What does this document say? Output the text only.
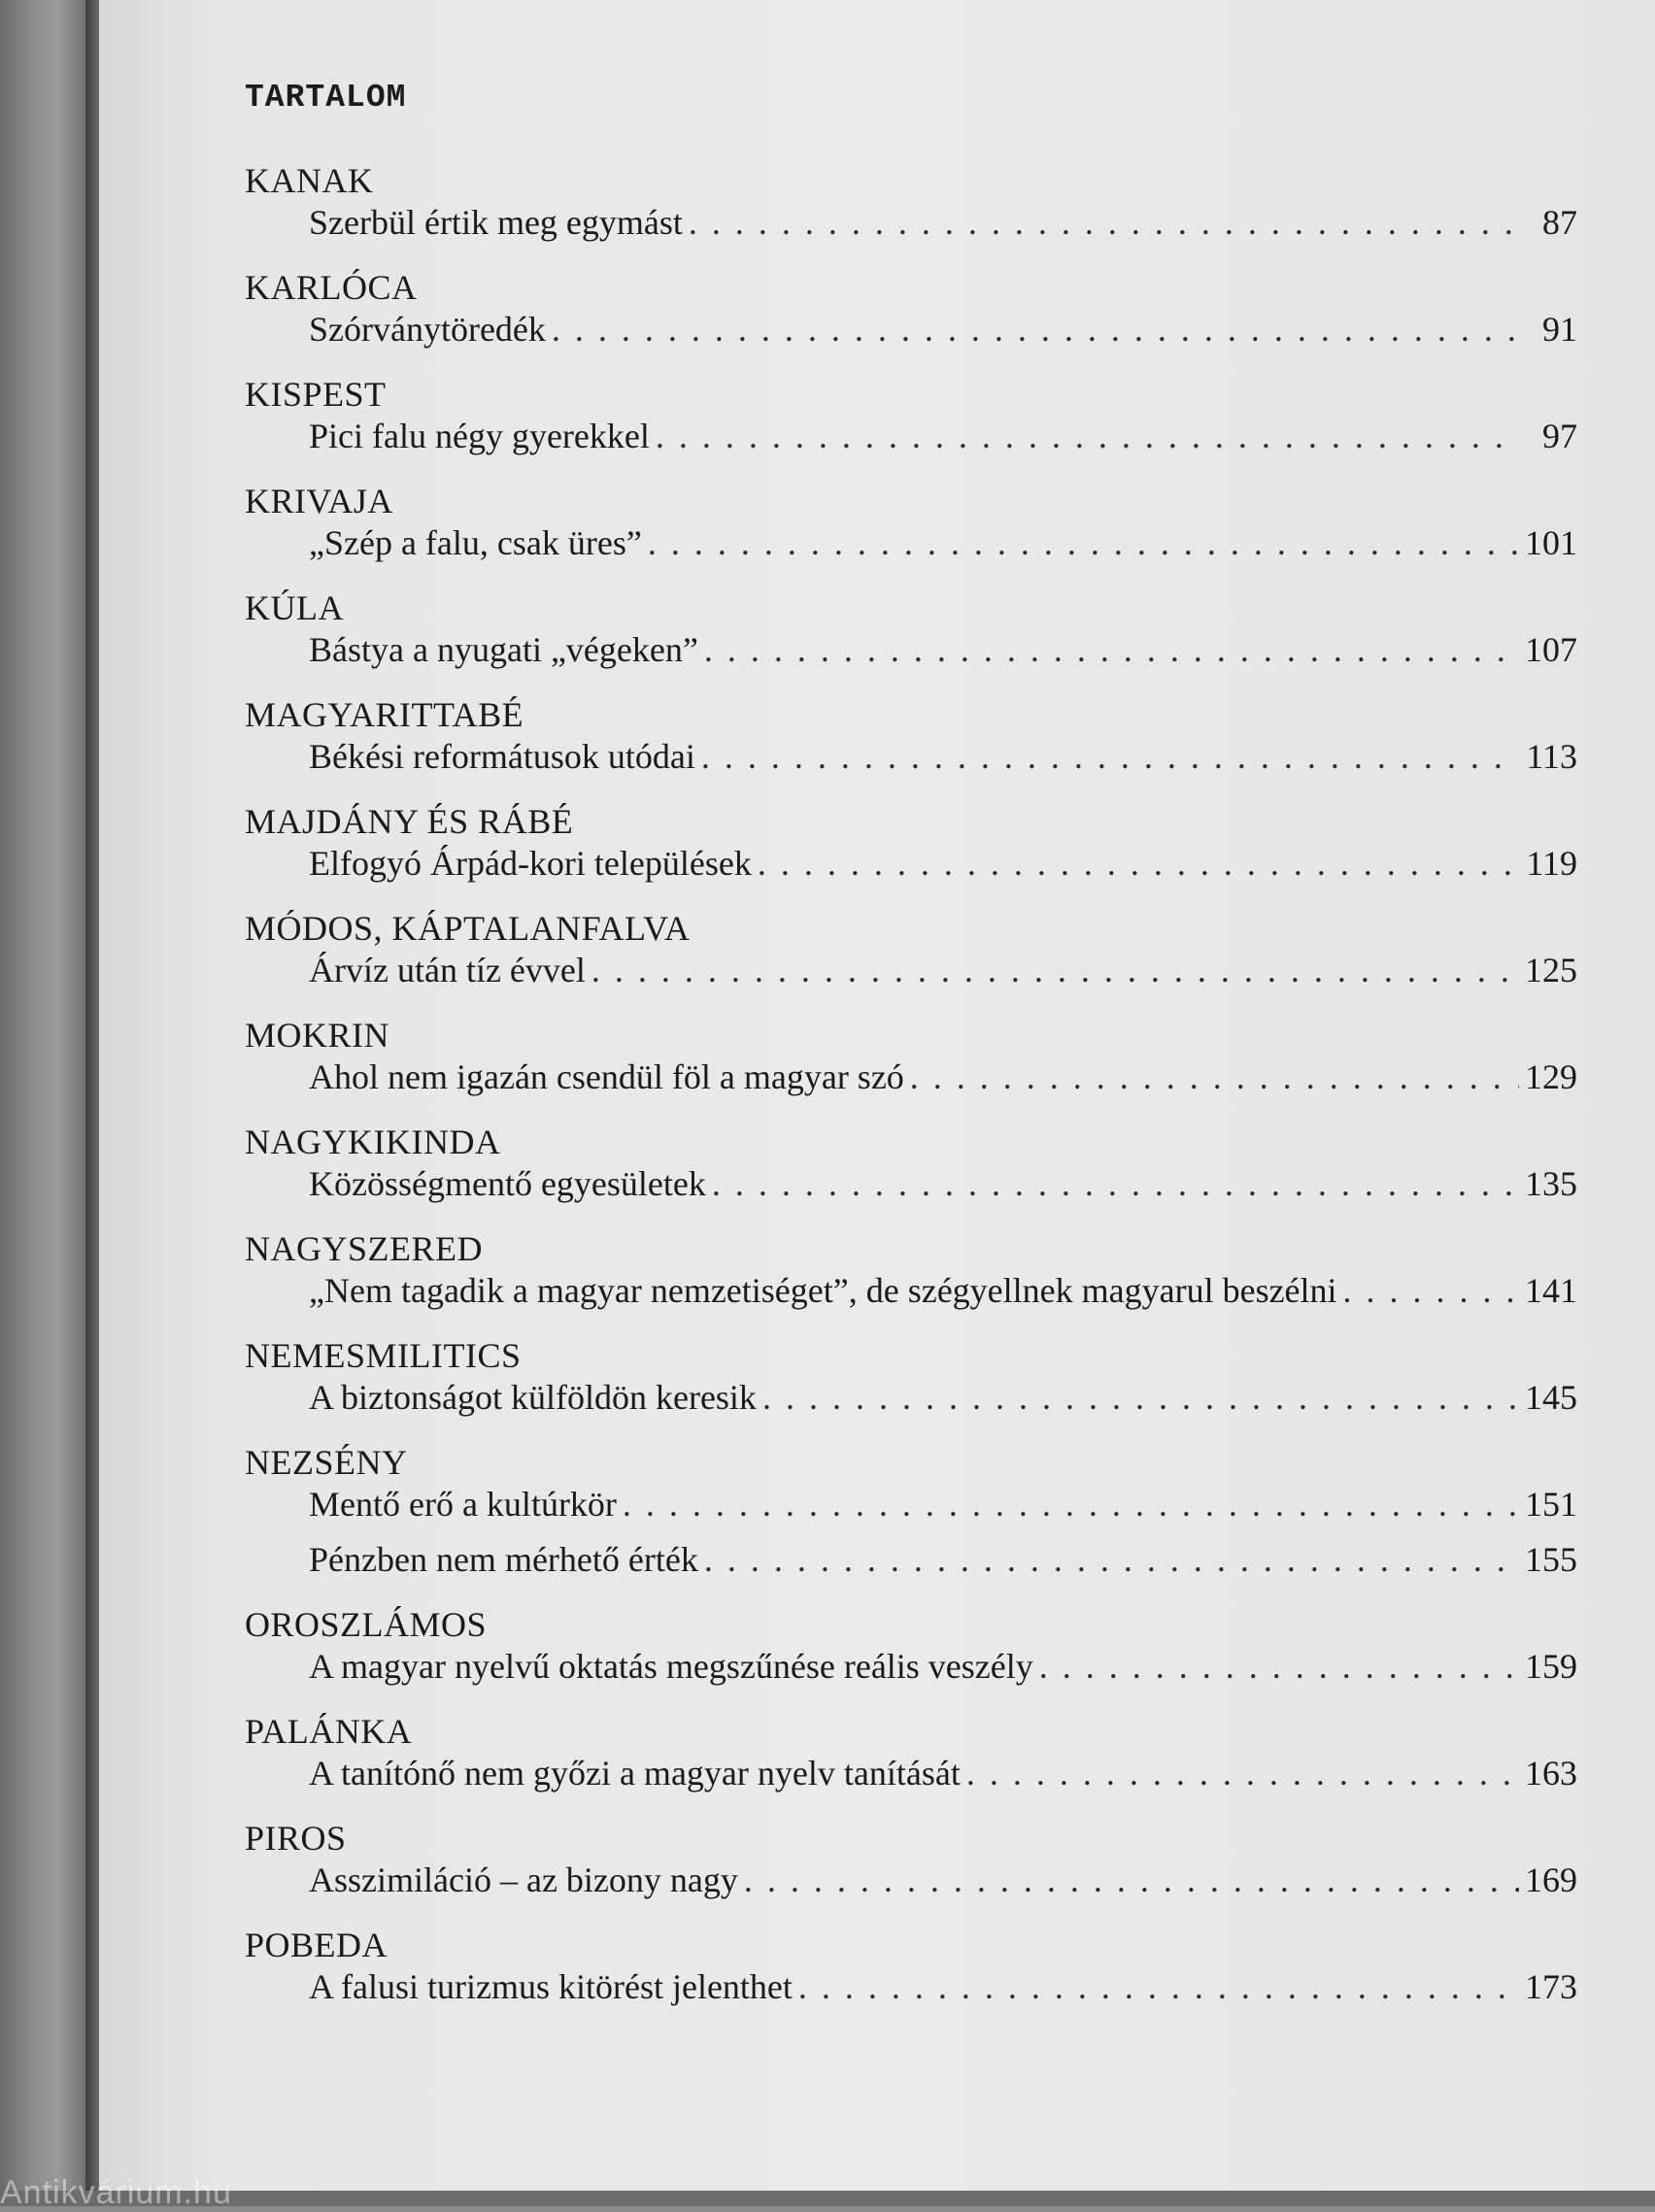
TARTALOM
KANAK
Szerbül értik meg egymást . . .	87
KARLÓCA
Szórványtöredék . . .	91
KISPEST
Pici falu négy gyerekkel . . .	97
KRIVAJA
„Szép a falu, csak üres” . . .	101
KÚLA
Bástya a nyugati „végeken” . . .	107
MAGYARITTABÉ
Békési reformátusok utódai . . .	113
MAJDÁNY ÉS RÁBÉ
Elfogyó Árpád-kori települések . . .	119
MÓDOS, KÁPTALANFALVA
Árvíz után tíz évvel . . .	125
MOKRIN
Ahol nem igazán csendül föl a magyar szó . . .	129
NAGYKIKINDA
Közösségmentő egyesületek . . .	135
NAGYSZERED
„Nem tagadik a magyar nemzetiséget”, de szégyellnek magyarul beszélni . . .	141
NEMESMILITICS
A biztonságot külföldön keresik . . .	145
NEZSÉNY
Mentő erő a kultúrkör . . .	151
Pénzben nem mérhető érték . . .	155
OROSZLÁMOS
A magyar nyelvű oktatás megszűnése reális veszély . . .	159
PALÁNKA
A tanítónő nem győzi a magyar nyelv tanítását . . .	163
PIROS
Asszimiláció – az bizony nagy . . .	169
POBEDA
A falusi turizmus kitörést jelenthet . . .	173
Antikvárium.hu
